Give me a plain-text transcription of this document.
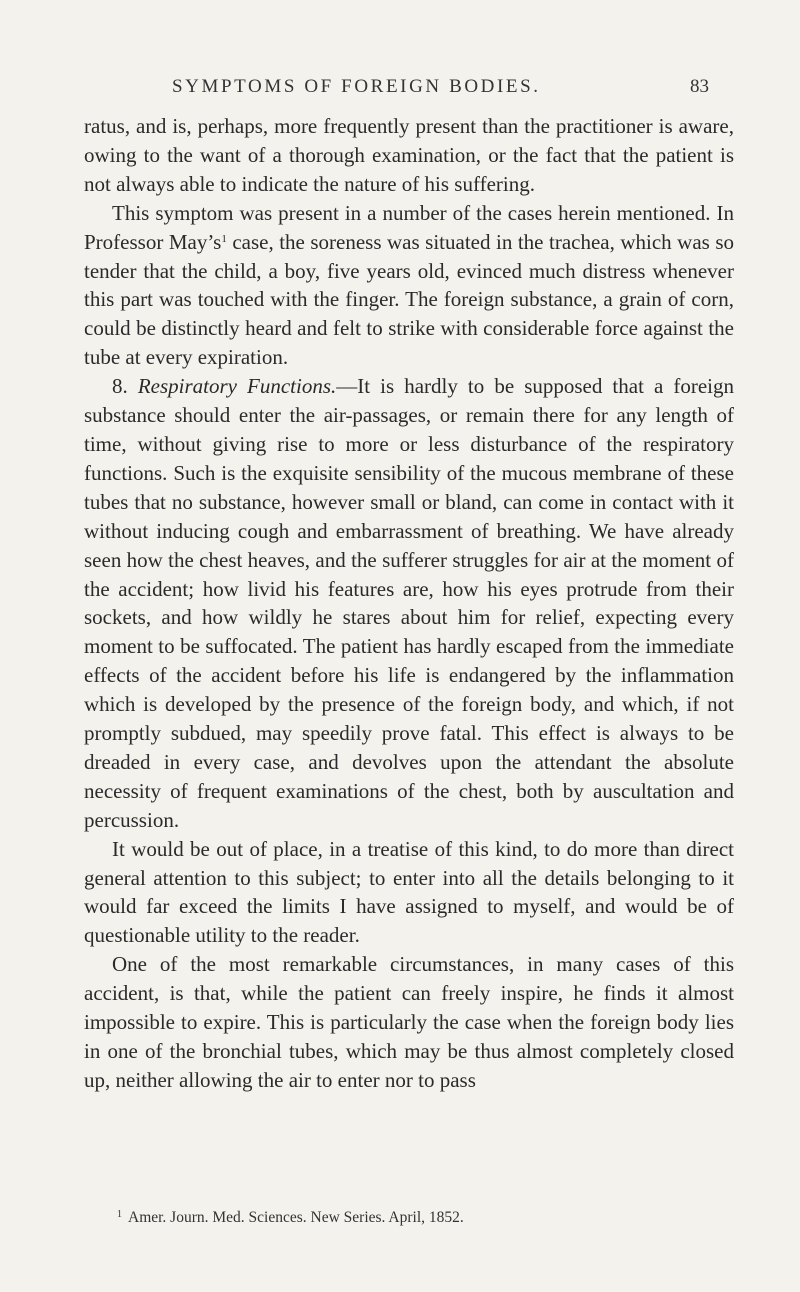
SYMPTOMS OF FOREIGN BODIES.	83

ratus, and is, perhaps, more frequently present than the practitioner is aware, owing to the want of a thorough examination, or the fact that the patient is not always able to indicate the nature of his suffering.

This symptom was present in a number of the cases herein mentioned. In Professor $May’s^1$ case, the soreness was situated in the trachea, which was so tender that the child, a boy, five years old, evinced much distress whenever this part was touched with the finger. The foreign substance, a grain of corn, could be distinctly heard and felt to strike with considerable force against the tube at every expiration.

8. Respiratory Functions.—It is hardly to be supposed that a foreign substance should enter the air-passages, or remain there for any length of time, without giving rise to more or less disturbance of the respiratory functions. Such is the exquisite sensibility of the mucous membrane of these tubes that no substance, however small or bland, can come in contact with it without inducing cough and embarrassment of breathing. We have already seen how the chest heaves, and the sufferer struggles for air at the moment of the accident; how livid his features are, how his eyes protrude from their sockets, and how wildly he stares about him for relief, expecting every moment to be suffocated. The patient has hardly escaped from the immediate effects of the accident before his life is endangered by the inflammation which is developed by the presence of the foreign body, and which, if not promptly subdued, may speedily prove fatal. This effect is always to be dreaded in every case, and devolves upon the attendant the absolute necessity of frequent examinations of the chest, both by auscultation and percussion.

It would be out of place, in a treatise of this kind, to do more than direct general attention to this subject; to enter into all the details belonging to it would far exceed the limits I have assigned to myself, and would be of questionable utility to the reader.

One of the most remarkable circumstances, in many cases of this accident, is that, while the patient can freely inspire, he finds it almost impossible to expire. This is particularly the case when the foreign body lies in one of the bronchial tubes, which may be thus almost completely closed up, neither allowing the air to enter nor to pass

$^1$ Amer. Journ. Med. Sciences. New Series. April, 1852.
